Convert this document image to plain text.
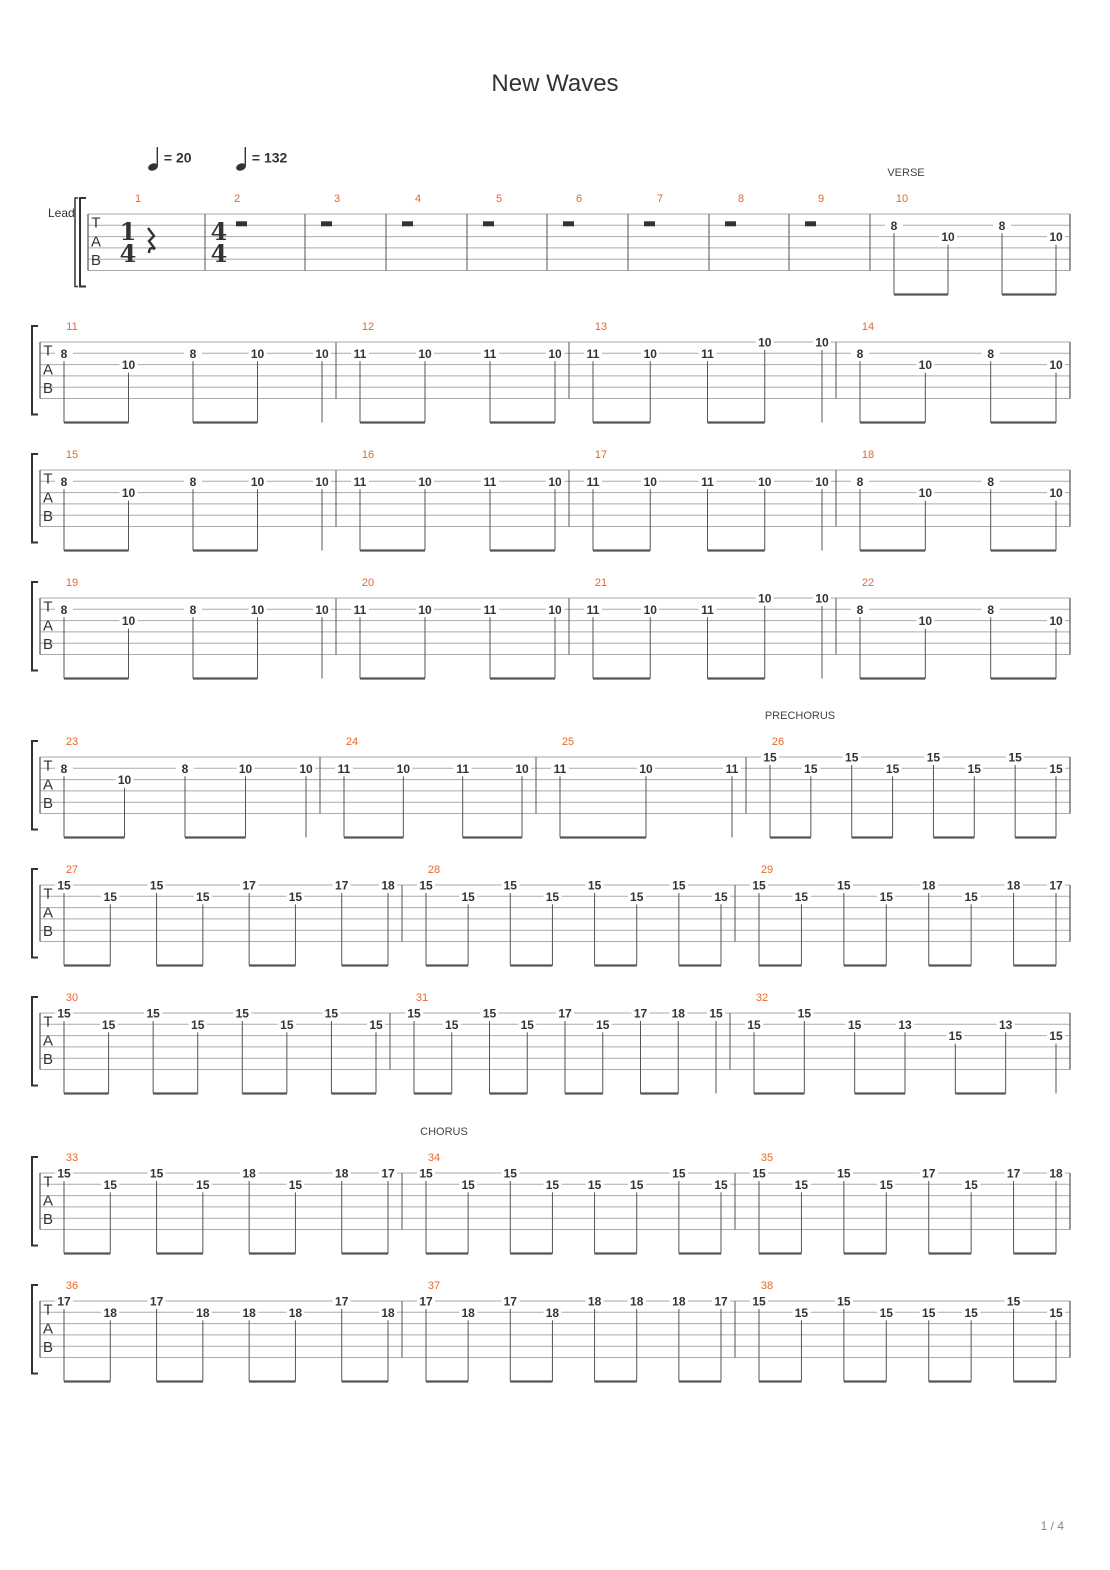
New Waves
= 20	= 132
Lead
T
A
B
1
1
4
2
4
4
3	4	5	6	7	8	9	10
VERSE
8
10
8
10
T
A
B
11
8
10
8	10	10
12
11	10	11	10
13
11	10	11
10	10
14
8
10
8
10
T
A
B
15
8
10
8	10	10
16
11	10	11	10
17
11	10	11	10	10
18
8
10
8
10
T
A
B
19
8
10
8	10	10
20
11	10	11	10
21
11	10	11
10	10
22
8
10
8
10
T
A
B
23
8
10
8	10	10
24
11	10	11	10
25
11	10	11
26
PRECHORUS
15
15
15
15
15
15
15
15
T
A
B
27
15
15
15
15
17
15
17	18
28
15
15
15
15
15
15
15
15
29
15
15
15
15
18
15
18 17
T
A
B
30
15
15
15
15
15
15
15
15
31
15
15
15
15
17
15
17 18 15
32
15
15
15	13
15
13
15
T
A
B
33
15
15
15
15
18
15
18	17
34
CHORUS
15
15
15
15 15 15
15
15
35
15
15
15
15
17
15
17 18
T
A
B
36
17
18
17
18	18	18
17
18
37
17
18
17
18
18 18 18 17
38
15
15
15
15 15 15
15
15
1 / 4
